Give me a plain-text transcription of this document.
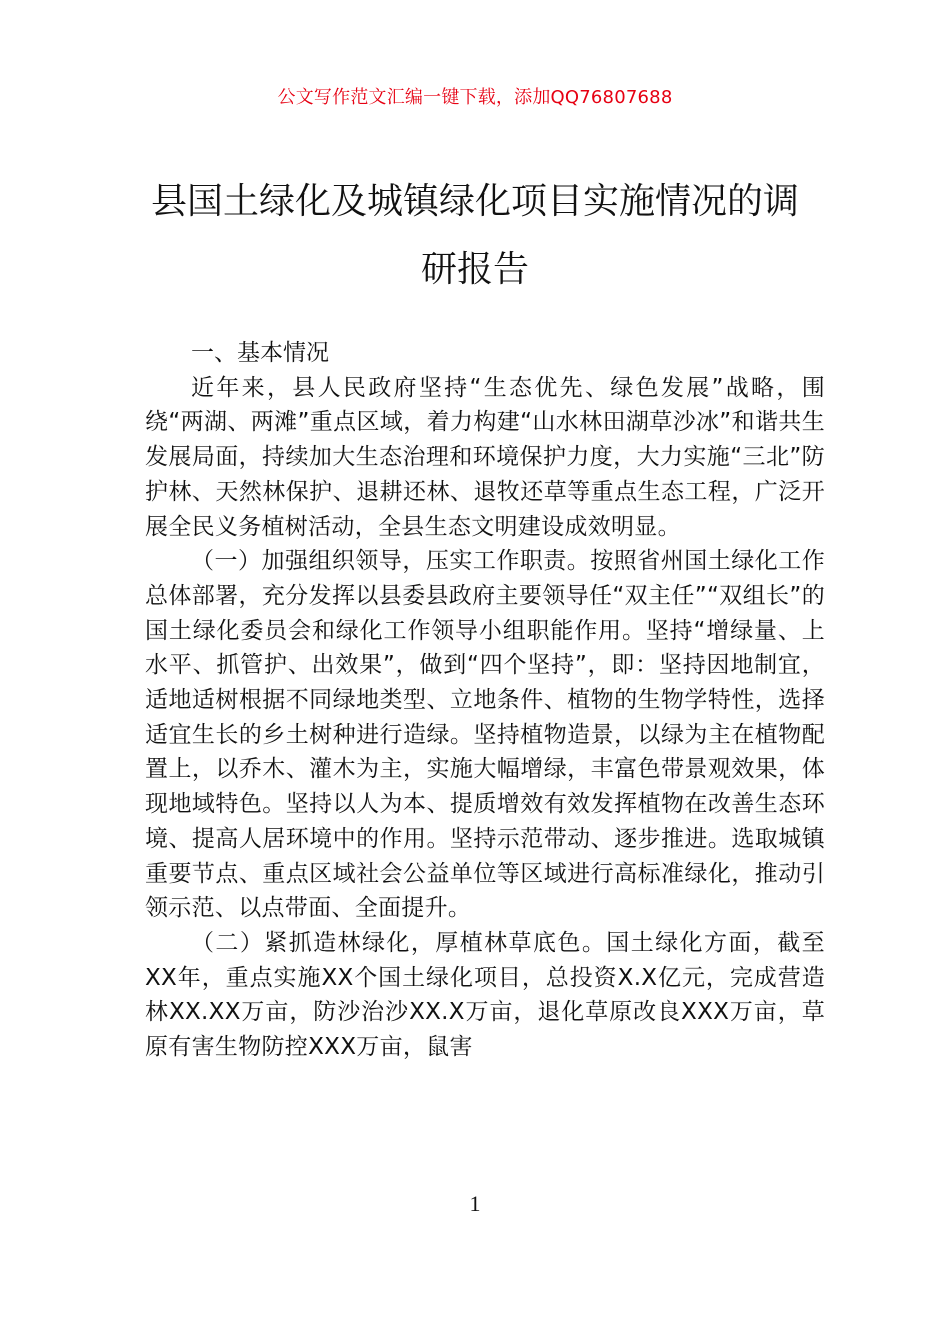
公文写作范文汇编一键下载，添加QQ76807688
县国土绿化及城镇绿化项目实施情况的调
研报告
一、基本情况

近年来，县人民政府坚持“生态优先、绿色发展”战略，围绕“两湖、两滩”重点区域，着力构建“山水林田湖草沙冰”和谐共生发展局面，持续加大生态治理和环境保护力度，大力实施“三北”防护林、天然林保护、退耕还林、退牧还草等重点生态工程，广泛开展全民义务植树活动，全县生态文明建设成效明显。

（一）加强组织领导，压实工作职责。按照省州国土绿化工作总体部署，充分发挥以县委县政府主要领导任“双主任”“双组长”的国土绿化委员会和绿化工作领导小组职能作用。坚持“增绿量、上水平、抓管护、出效果”，做到“四个坚持”，即：坚持因地制宜，适地适树根据不同绿地类型、立地条件、植物的生物学特性，选择适宜生长的乡土树种进行造绿。坚持植物造景，以绿为主在植物配置上，以乔木、灌木为主，实施大幅增绿，丰富色带景观效果，体现地域特色。坚持以人为本、提质增效有效发挥植物在改善生态环境、提高人居环境中的作用。坚持示范带动、逐步推进。选取城镇重要节点、重点区域社会公益单位等区域进行高标准绿化，推动引领示范、以点带面、全面提升。

（二）紧抓造林绿化，厚植林草底色。国土绿化方面，截至XX年，重点实施XX个国土绿化项目，总投资X.X亿元，完成营造林XX.XX万亩，防沙治沙XX.X万亩，退化草原改良XXX万亩，草原有害生物防控XXX万亩，鼠害

1
